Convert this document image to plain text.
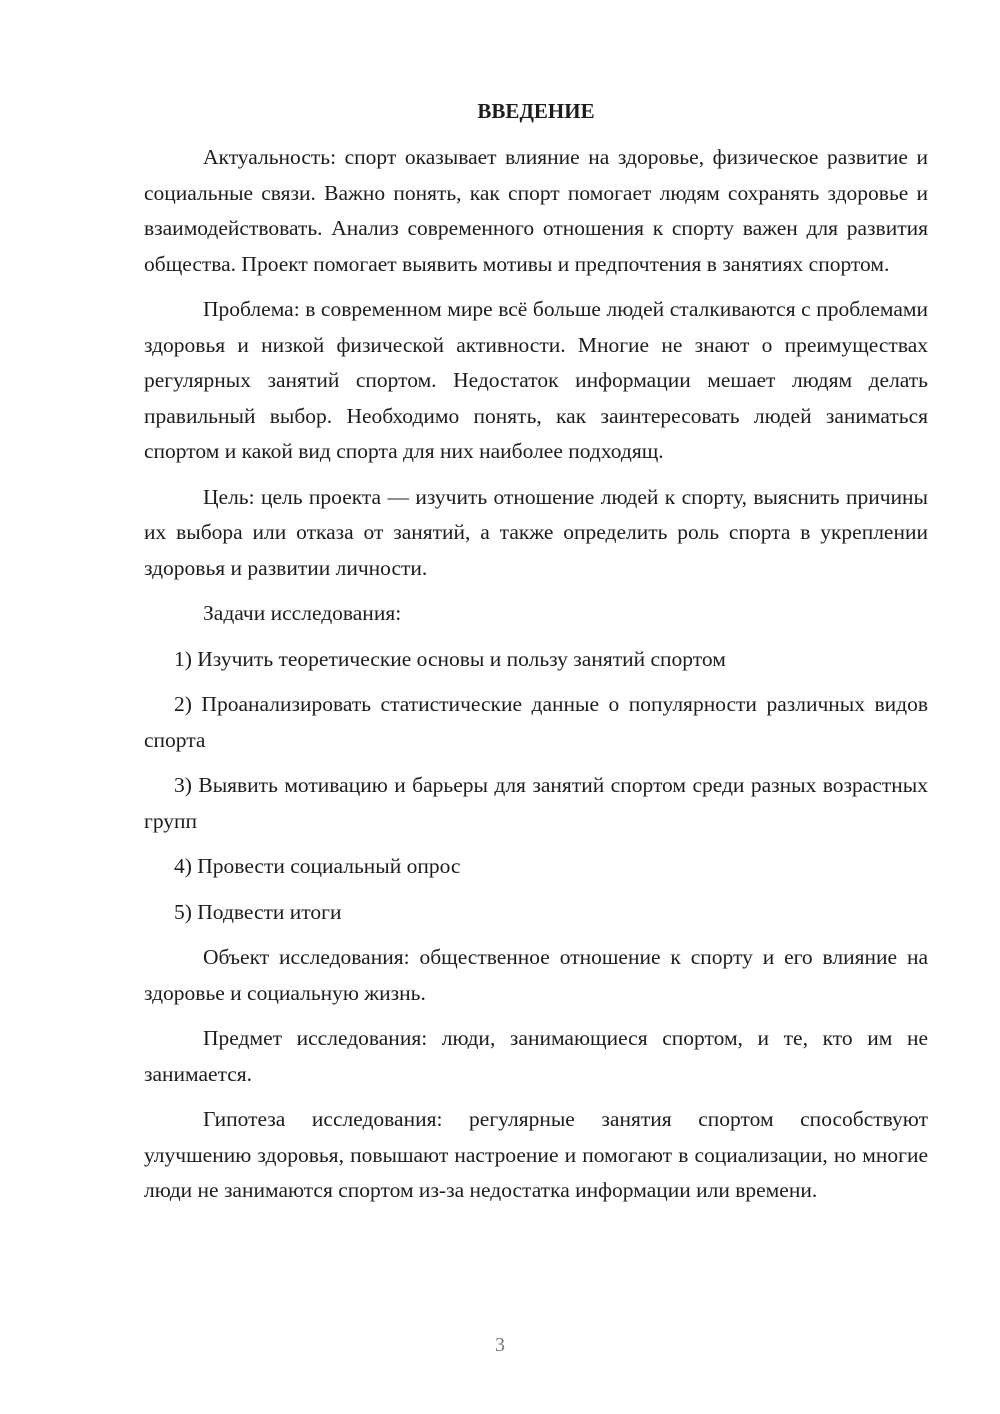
ВВЕДЕНИЕ

Актуальность: спорт оказывает влияние на здоровье, физическое развитие и социальные связи. Важно понять, как спорт помогает людям сохранять здоровье и взаимодействовать. Анализ современного отношения к спорту важен для развития общества. Проект помогает выявить мотивы и предпочтения в занятиях спортом.

Проблема: в современном мире всё больше людей сталкиваются с проблемами здоровья и низкой физической активности. Многие не знают о преимуществах регулярных занятий спортом. Недостаток информации мешает людям делать правильный выбор. Необходимо понять, как заинтересовать людей заниматься спортом и какой вид спорта для них наиболее подходящ.

Цель: цель проекта — изучить отношение людей к спорту, выяснить причины их выбора или отказа от занятий, а также определить роль спорта в укреплении здоровья и развитии личности.

Задачи исследования:

1) Изучить теоретические основы и пользу занятий спортом

2) Проанализировать статистические данные о популярности различных видов спорта

3) Выявить мотивацию и барьеры для занятий спортом среди разных возрастных групп

4) Провести социальный опрос

5) Подвести итоги

Объект исследования: общественное отношение к спорту и его влияние на здоровье и социальную жизнь.

Предмет исследования: люди, занимающиеся спортом, и те, кто им не занимается.

Гипотеза исследования: регулярные занятия спортом способствуют улучшению здоровья, повышают настроение и помогают в социализации, но многие люди не занимаются спортом из-за недостатка информации или времени.

3
